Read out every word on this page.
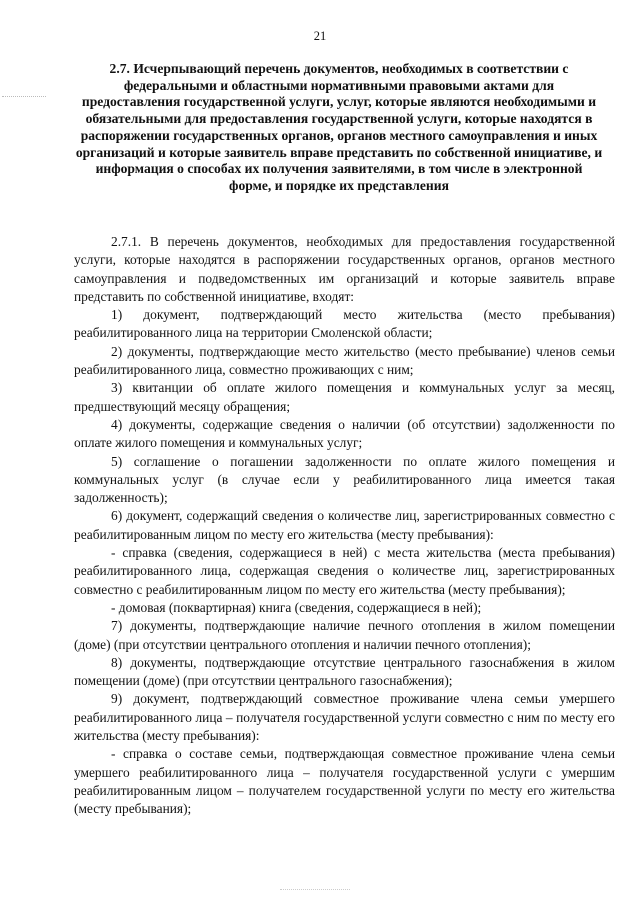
21
2.7. Исчерпывающий перечень документов, необходимых в соответствии с федеральными и областными нормативными правовыми актами для предоставления государственной услуги, услуг, которые являются необходимыми и обязательными для предоставления государственной услуги, которые находятся в распоряжении государственных органов, органов местного самоуправления и иных организаций и которые заявитель вправе представить по собственной инициативе, и информация о способах их получения заявителями, в том числе в электронной форме, и порядке их представления

2.7.1. В перечень документов, необходимых для предоставления государственной услуги, которые находятся в распоряжении государственных органов, органов местного самоуправления и подведомственных им организаций и которые заявитель вправе представить по собственной инициативе, входят:

1) документ, подтверждающий место жительства (место пребывания) реабилитированного лица на территории Смоленской области;

2) документы, подтверждающие место жительство (место пребывание) членов семьи реабилитированного лица, совместно проживающих с ним;

3) квитанции об оплате жилого помещения и коммунальных услуг за месяц, предшествующий месяцу обращения;

4) документы, содержащие сведения о наличии (об отсутствии) задолженности по оплате жилого помещения и коммунальных услуг;

5) соглашение о погашении задолженности по оплате жилого помещения и коммунальных услуг (в случае если у реабилитированного лица имеется такая задолженность);

6) документ, содержащий сведения о количестве лиц, зарегистрированных совместно с реабилитированным лицом по месту его жительства (месту пребывания):

- справка (сведения, содержащиеся в ней) с места жительства (места пребывания) реабилитированного лица, содержащая сведения о количестве лиц, зарегистрированных совместно с реабилитированным лицом по месту его жительства (месту пребывания);

- домовая (поквартирная) книга (сведения, содержащиеся в ней);

7) документы, подтверждающие наличие печного отопления в жилом помещении (доме) (при отсутствии центрального отопления и наличии печного отопления);

8) документы, подтверждающие отсутствие центрального газоснабжения в жилом помещении (доме) (при отсутствии центрального газоснабжения);

9) документ, подтверждающий совместное проживание члена семьи умершего реабилитированного лица – получателя государственной услуги совместно с ним по месту его жительства (месту пребывания):

- справка о составе семьи, подтверждающая совместное проживание члена семьи умершего реабилитированного лица – получателя государственной услуги с умершим реабилитированным лицом – получателем государственной услуги по месту его жительства (месту пребывания);
